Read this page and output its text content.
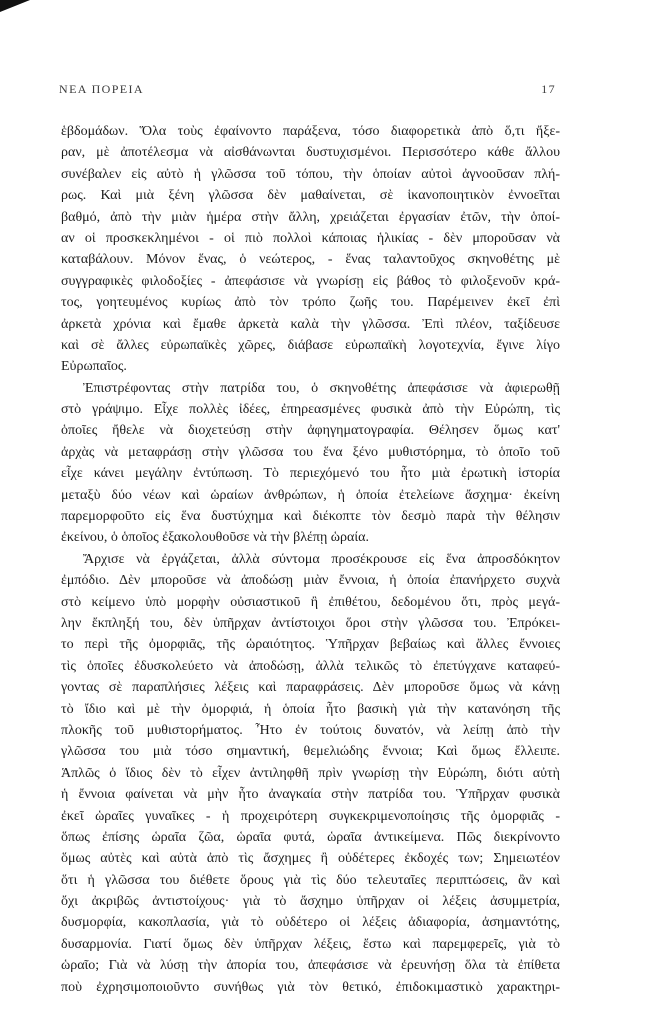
ΝΕΑ ΠΟΡΕΙΑ	17
ἑβδομάδων. Ὅλα τοὺς ἐφαίνοντο παράξενα, τόσο διαφορετικὰ ἀπὸ ὅ,τι ἤξε-
ραν, μὲ ἀποτέλεσμα νὰ αἰσθάνωνται δυστυχισμένοι. Περισσότερο κάθε ἄλλου
συνέβαλεν εἰς αὐτὸ ἡ γλῶσσα τοῦ τόπου, τὴν ὁποίαν αὐτοὶ ἀγνοοῦσαν πλή-
ρως. Καὶ μιὰ ξένη γλῶσσα δὲν μαθαίνεται, σὲ ἱκανοποιητικὸν ἐννοεῖται
βαθμό, ἀπὸ τὴν μιὰν ἡμέρα στὴν ἄλλη, χρειάζεται ἐργασίαν ἐτῶν, τὴν ὁποί-
αν οἱ προσκεκλημένοι - οἱ πιὸ πολλοὶ κάποιας ἡλικίας - δὲν μποροῦσαν νὰ
καταβάλουν. Μόνον ἕνας, ὁ νεώτερος, - ἕνας ταλαντοῦχος σκηνοθέτης μὲ
συγγραφικὲς φιλοδοξίες - ἀπεφάσισε νὰ γνωρίσῃ εἰς βάθος τὸ φιλοξενοῦν κρά-
τος, γοητευμένος κυρίως ἀπὸ τὸν τρόπο ζωῆς του. Παρέμεινεν ἐκεῖ ἐπὶ
ἀρκετὰ χρόνια καὶ ἔμαθε ἀρκετὰ καλὰ τὴν γλῶσσα. Ἐπὶ πλέον, ταξίδευσε
καὶ σὲ ἄλλες εὐρωπαϊκὲς χῶρες, διάβασε εὐρωπαϊκὴ λογοτεχνία, ἔγινε λίγο
Εὐρωπαῖος.
Ἐπιστρέφοντας στὴν πατρίδα του, ὁ σκηνοθέτης ἀπεφάσισε νὰ ἀφιερωθῇ
στὸ γράψιμο. Εἶχε πολλὲς ἰδέες, ἐπηρεασμένες φυσικὰ ἀπὸ τὴν Εὐρώπη, τὶς
ὁποῖες ἤθελε νὰ διοχετεύσῃ στὴν ἀφηγηματογραφία. Θέλησεν ὅμως κατ'
ἀρχὰς νὰ μεταφράσῃ στὴν γλῶσσα του ἕνα ξένο μυθιστόρημα, τὸ ὁποῖο τοῦ
εἶχε κάνει μεγάλην ἐντύπωση. Τὸ περιεχόμενό του ἦτο μιὰ ἐρωτικὴ ἱστορία
μεταξὺ δύο νέων καὶ ὡραίων ἀνθρώπων, ἡ ὁποία ἐτελείωνε ἄσχημα· ἐκείνη
παρεμορφοῦτο εἰς ἕνα δυστύχημα καὶ διέκοπτε τὸν δεσμὸ παρὰ τὴν θέλησιν
ἐκείνου, ὁ ὁποῖος ἐξακολουθοῦσε νὰ τὴν βλέπῃ ὡραία.
Ἄρχισε νὰ ἐργάζεται, ἀλλὰ σύντομα προσέκρουσε εἰς ἕνα ἀπροσδόκητον
ἐμπόδιο. Δὲν μποροῦσε νὰ ἀποδώσῃ μιὰν ἔννοια, ἡ ὁποία ἐπανήρχετο συχνὰ
στὸ κείμενο ὑπὸ μορφὴν οὐσιαστικοῦ ἢ ἐπιθέτου, δεδομένου ὅτι, πρὸς μεγά-
λην ἔκπληξή του, δὲν ὑπῆρχαν ἀντίστοιχοι ὅροι στὴν γλῶσσα του. Ἐπρόκει-
το περὶ τῆς ὀμορφιᾶς, τῆς ὡραιότητος. Ὑπῆρχαν βεβαίως καὶ ἄλλες ἔννοιες
τὶς ὁποῖες ἐδυσκολεύετο νὰ ἀποδώσῃ, ἀλλὰ τελικῶς τὸ ἐπετύγχανε καταφεύ-
γοντας σὲ παραπλήσιες λέξεις καὶ παραφράσεις. Δὲν μποροῦσε ὅμως νὰ κάνῃ
τὸ ἴδιο καὶ μὲ τὴν ὀμορφιά, ἡ ὁποία ἦτο βασικὴ γιὰ τὴν κατανόηση τῆς
πλοκῆς τοῦ μυθιστορήματος. Ἦτο ἐν τούτοις δυνατόν, νὰ λείπῃ ἀπὸ τὴν
γλῶσσα του μιὰ τόσο σημαντική, θεμελιώδης ἔννοια; Καὶ ὅμως ἔλλειπε.
Ἁπλῶς ὁ ἴδιος δὲν τὸ εἶχεν ἀντιληφθῆ πρὶν γνωρίσῃ τὴν Εὐρώπη, διότι αὐτὴ
ἡ ἔννοια φαίνεται νὰ μὴν ἦτο ἀναγκαία στὴν πατρίδα του. Ὑπῆρχαν φυσικὰ
ἐκεῖ ὡραῖες γυναῖκες - ἡ προχειρότερη συγκεκριμενοποίησις τῆς ὀμορφιᾶς -
ὅπως ἐπίσης ὡραῖα ζῶα, ὡραῖα φυτά, ὡραῖα ἀντικείμενα. Πῶς διεκρίνοντο
ὅμως αὐτὲς καὶ αὐτὰ ἀπὸ τὶς ἄσχημες ἢ οὐδέτερες ἐκδοχές των; Σημειωτέον
ὅτι ἡ γλῶσσα του διέθετε ὅρους γιὰ τὶς δύο τελευταῖες περιπτώσεις, ἂν καὶ
ὄχι ἀκριβῶς ἀντιστοίχους· γιὰ τὸ ἄσχημο ὑπῆρχαν οἱ λέξεις ἀσυμμετρία,
δυσμορφία, κακοπλασία, γιὰ τὸ οὐδέτερο οἱ λέξεις ἀδιαφορία, ἀσημαντότης,
δυσαρμονία. Γιατί ὅμως δὲν ὑπῆρχαν λέξεις, ἔστω καὶ παρεμφερεῖς, γιὰ τὸ
ὡραῖο; Γιὰ νὰ λύσῃ τὴν ἀπορία του, ἀπεφάσισε νὰ ἐρευνήσῃ ὅλα τὰ ἐπίθετα
ποὺ ἐχρησιμοποιοῦντο συνήθως γιὰ τὸν θετικό, ἐπιδοκιμαστικὸ χαρακτηρι-
